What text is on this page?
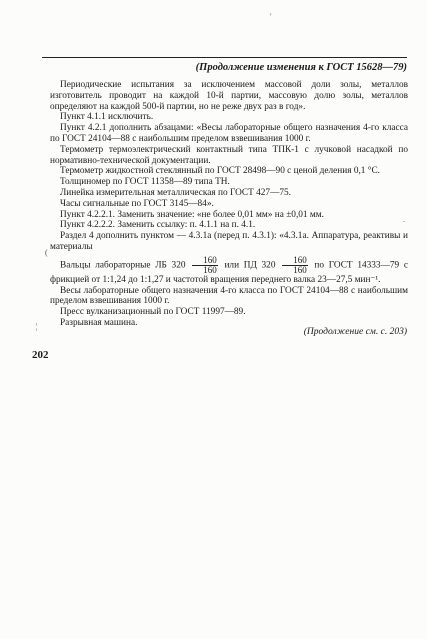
(Продолжение изменения к ГОСТ 15628—79)

Периодические испытания за исключением массовой доли золы, металлов изготовитель проводит на каждой 10-й партии, массовую долю золы, металлов определяют на каждой 500-й партии, но не реже двух раз в год».

Пункт 4.1.1 исключить.

Пункт 4.2.1 дополнить абзацами: «Весы лабораторные общего назначения 4-го класса по ГОСТ 24104—88 с наибольшим пределом взвешивания 1000 г.

Термометр термоэлектрический контактный типа ТПК-1 с лучковой насадкой по нормативно-технической документации.

Термометр жидкостной стеклянный по ГОСТ 28498—90 с ценой деления 0,1 °С.

Толщиномер по ГОСТ 11358—89 типа ТН.

Линейка измерительная металлическая по ГОСТ 427—75.

Часы сигнальные по ГОСТ 3145—84».

Пункт 4.2.2.1. Заменить значение: «не более 0,01 мм» на ±0,01 мм.

Пункт 4.2.2.2. Заменить ссылку: п. 4.1.1 на п. 4.1.

Раздел 4 дополнить пунктом — 4.3.1а (перед п. 4.3.1): «4.3.1а. Аппаратура, реактивы и материалы

Вальцы лабораторные ЛБ $320 \frac{160}{160}$ или ПД $320 \frac{160}{160}$ по ГОСТ 14333—79 с фрикцией от 1:1,24 до 1:1,27 и частотой вращения переднего валка 23—27,5 мин⁻¹.

Весы лабораторные общего назначения 4-го класса по ГОСТ 24104—88 с наибольшим пределом взвешивания 1000 г.

Пресс вулканизационный по ГОСТ 11997—89.

Разрывная машина.

(Продолжение см. с. 203)
202
'
(
.
¦
